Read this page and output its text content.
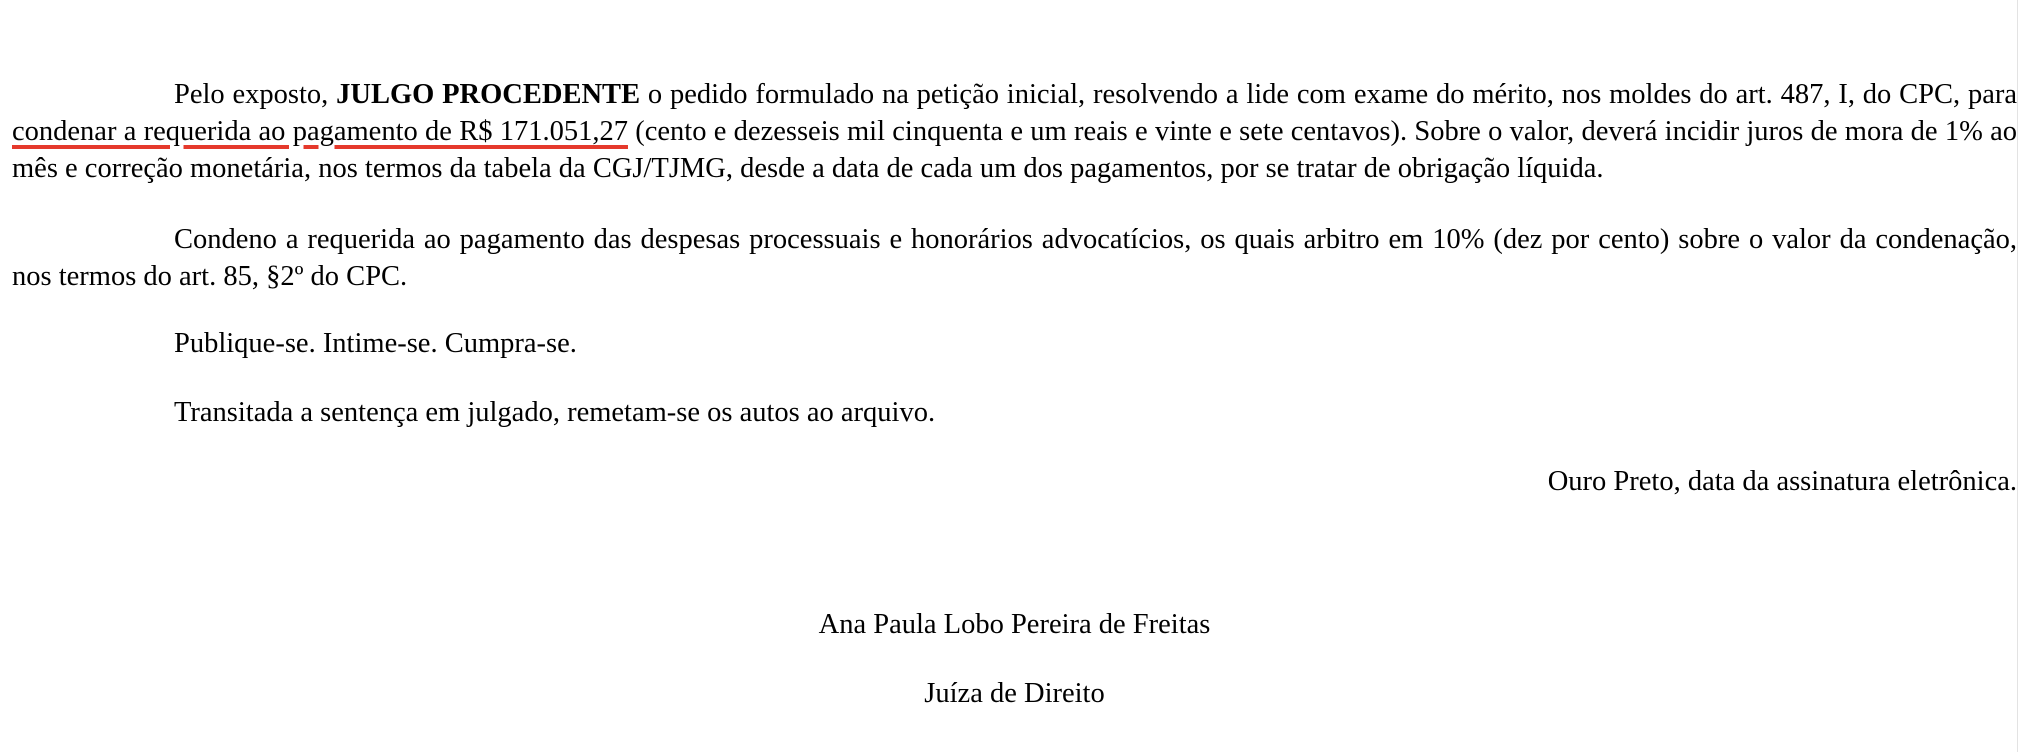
Pelo exposto, JULGO PROCEDENTE o pedido formulado na petição inicial, resolvendo a lide com exame do mérito, nos moldes do art. 487, I, do CPC, para condenar a requerida ao pagamento de R$ 171.051,27 (cento e dezesseis mil cinquenta e um reais e vinte e sete centavos). Sobre o valor, deverá incidir juros de mora de 1% ao mês e correção monetária, nos termos da tabela da CGJ/TJMG, desde a data de cada um dos pagamentos, por se tratar de obrigação líquida.

Condeno a requerida ao pagamento das despesas processuais e honorários advocatícios, os quais arbitro em 10% (dez por cento) sobre o valor da condenação, nos termos do art. 85, §2º do CPC.

Publique-se. Intime-se. Cumpra-se.

Transitada a sentença em julgado, remetam-se os autos ao arquivo.

Ouro Preto, data da assinatura eletrônica.

Ana Paula Lobo Pereira de Freitas

Juíza de Direito
